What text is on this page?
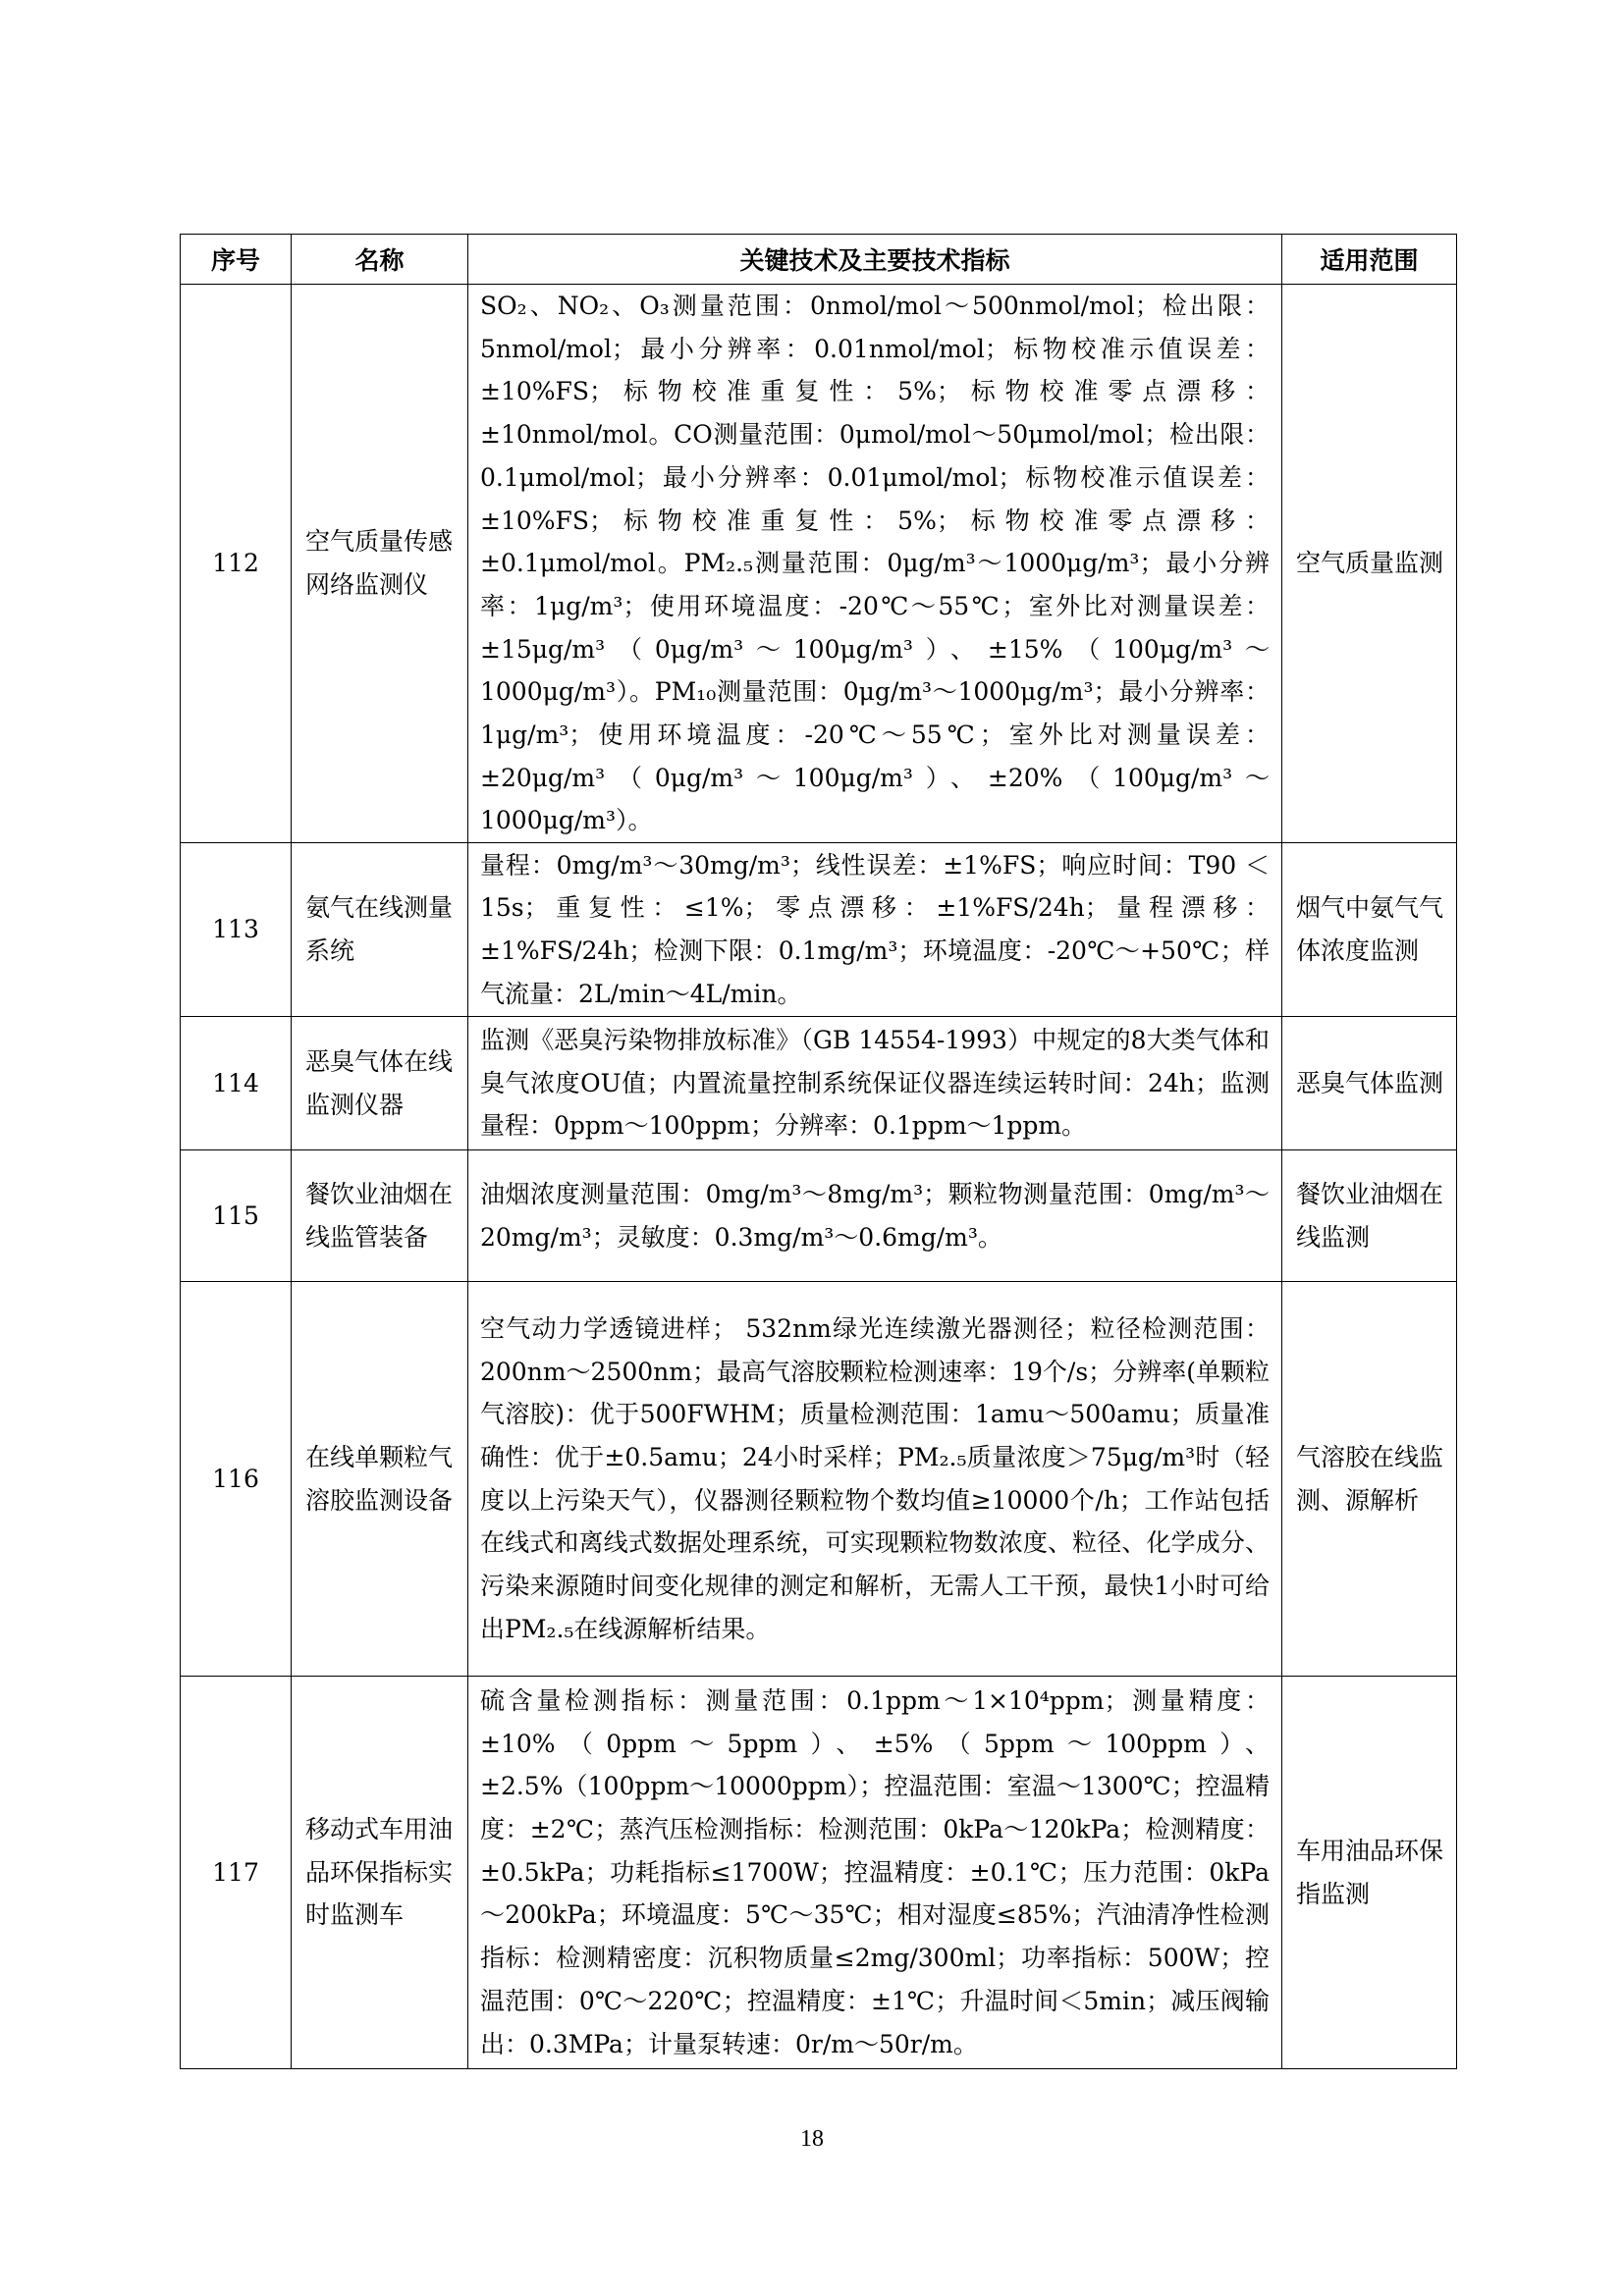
序号	名称	关键技术及主要技术指标	适用范围
112	空气质量传感网络监测仪	SO₂、NO₂、O₃测量范围：0nmol/mol～500nmol/mol；检出限：5nmol/mol；最小分辨率：0.01nmol/mol；标物校准示值误差：±10%FS；标物校准重复性：5%；标物校准零点漂移：±10nmol/mol。CO测量范围：0μmol/mol～50μmol/mol；检出限：0.1μmol/mol；最小分辨率：0.01μmol/mol；标物校准示值误差：±10%FS；标物校准重复性：5%；标物校准零点漂移：±0.1μmol/mol。PM₂.₅测量范围：0μg/m³～1000μg/m³；最小分辨率：1μg/m³；使用环境温度：-20℃～55℃；室外比对测量误差：±15μg/m³（0μg/m³～100μg/m³）、±15%（100μg/m³～1000μg/m³）。PM₁₀测量范围：0μg/m³～1000μg/m³；最小分辨率：1μg/m³；使用环境温度：-20℃～55℃；室外比对测量误差：±20μg/m³（0μg/m³～100μg/m³）、±20%（100μg/m³～1000μg/m³）。	空气质量监测
113	氨气在线测量系统	量程：0mg/m³～30mg/m³；线性误差：±1%FS；响应时间：T90 ＜ 15s；重复性：≤1%；零点漂移：±1%FS/24h；量程漂移：±1%FS/24h；检测下限：0.1mg/m³；环境温度：-20℃～+50℃；样气流量：2L/min～4L/min。	烟气中氨气气体浓度监测
114	恶臭气体在线监测仪器	监测《恶臭污染物排放标准》（GB 14554-1993）中规定的8大类气体和臭气浓度OU值；内置流量控制系统保证仪器连续运转时间：24h；监测量程：0ppm～100ppm；分辨率：0.1ppm～1ppm。	恶臭气体监测
115	餐饮业油烟在线监管装备	油烟浓度测量范围：0mg/m³～8mg/m³；颗粒物测量范围：0mg/m³～20mg/m³；灵敏度：0.3mg/m³～0.6mg/m³。	餐饮业油烟在线监测
116	在线单颗粒气溶胶监测设备	空气动力学透镜进样； 532nm绿光连续激光器测径；粒径检测范围：200nm～2500nm；最高气溶胶颗粒检测速率：19个/s；分辨率(单颗粒气溶胶)：优于500FWHM；质量检测范围：1amu～500amu；质量准确性：优于±0.5amu；24小时采样；PM₂.₅质量浓度＞75μg/m³时（轻度以上污染天气），仪器测径颗粒物个数均值≥10000个/h；工作站包括在线式和离线式数据处理系统，可实现颗粒物数浓度、粒径、化学成分、污染来源随时间变化规律的测定和解析，无需人工干预，最快1小时可给出PM₂.₅在线源解析结果。	气溶胶在线监测、源解析
117	移动式车用油品环保指标实时监测车	硫含量检测指标：测量范围：0.1ppm～1×10⁴ppm；测量精度：±10%（0ppm～5ppm）、±5%（5ppm～100ppm）、±2.5%（100ppm～10000ppm）；控温范围：室温～1300℃；控温精度：±2℃；蒸汽压检测指标：检测范围：0kPa～120kPa；检测精度：±0.5kPa；功耗指标≤1700W；控温精度：±0.1℃；压力范围：0kPa～200kPa；环境温度：5℃～35℃；相对湿度≤85%；汽油清净性检测指标：检测精密度：沉积物质量≤2mg/300ml；功率指标：500W；控温范围：0℃～220℃；控温精度：±1℃；升温时间＜5min；减压阀输出：0.3MPa；计量泵转速：0r/m～50r/m。	车用油品环保指监测
18
